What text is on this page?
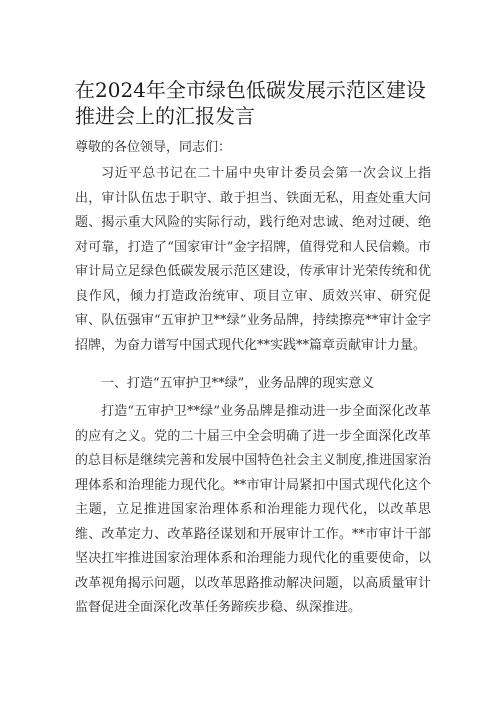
在2024年全市绿色低碳发展示范区建设推进会上的汇报发言

尊敬的各位领导，同志们：

习近平总书记在二十届中央审计委员会第一次会议上指出，审计队伍忠于职守、敢于担当、铁面无私，用查处重大问题、揭示重大风险的实际行动，践行绝对忠诚、绝对过硬、绝对可靠，打造了“国家审计”金字招牌，值得党和人民信赖。市审计局立足绿色低碳发展示范区建设，传承审计光荣传统和优良作风，倾力打造政治统审、项目立审、质效兴审、研究促审、队伍强审“五审护卫**绿”业务品牌，持续擦亮**审计金字招牌，为奋力谱写中国式现代化**实践**篇章贡献审计力量。

一、打造“五审护卫**绿”，业务品牌的现实意义

打造“五审护卫**绿”业务品牌是推动进一步全面深化改革的应有之义。党的二十届三中全会明确了进一步全面深化改革的总目标是继续完善和发展中国特色社会主义制度,推进国家治理体系和治理能力现代化。**市审计局紧扣中国式现代化这个主题，立足推进国家治理体系和治理能力现代化，以改革思维、改革定力、改革路径谋划和开展审计工作。**市审计干部坚决扛牢推进国家治理体系和治理能力现代化的重要使命，以改革视角揭示问题，以改革思路推动解决问题，以高质量审计监督促进全面深化改革任务蹄疾步稳、纵深推进。
